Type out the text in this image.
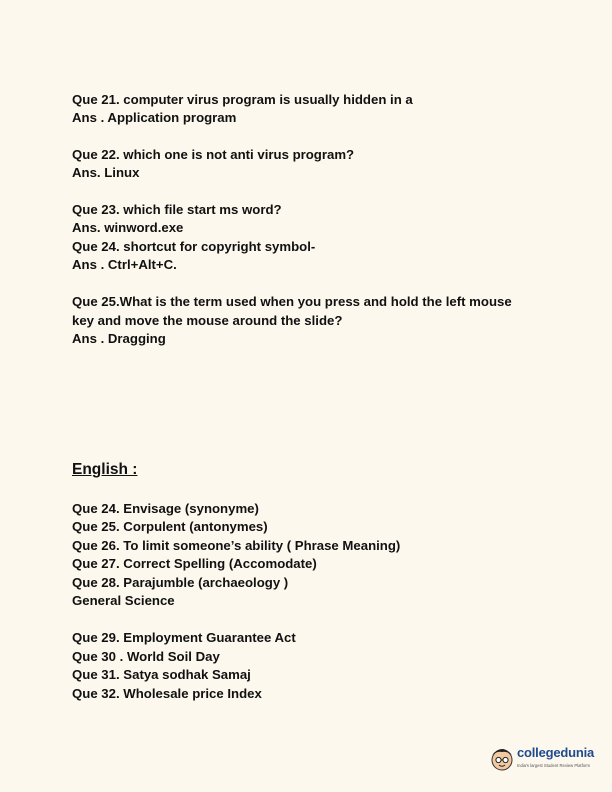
Que 21. computer virus program is usually hidden in a
Ans . Application program
Que 22. which one is not anti virus program?
Ans. Linux
Que 23. which file start ms word?
Ans. winword.exe
Que 24. shortcut for copyright symbol-
Ans . Ctrl+Alt+C.
Que 25.What is the term used when you press and hold the left mouse
key and move the mouse around the slide?
Ans . Dragging
English :
Que 24. Envisage (synonyme)
Que 25. Corpulent (antonymes)
Que 26. To limit someone’s ability ( Phrase Meaning)
Que 27. Correct Spelling (Accomodate)
Que 28. Parajumble (archaeology )
General Science
Que 29. Employment Guarantee Act
Que 30 . World Soil Day
Que 31. Satya sodhak Samaj
Que 32. Wholesale price Index
collegedunia
India's largest Student Review Platform
